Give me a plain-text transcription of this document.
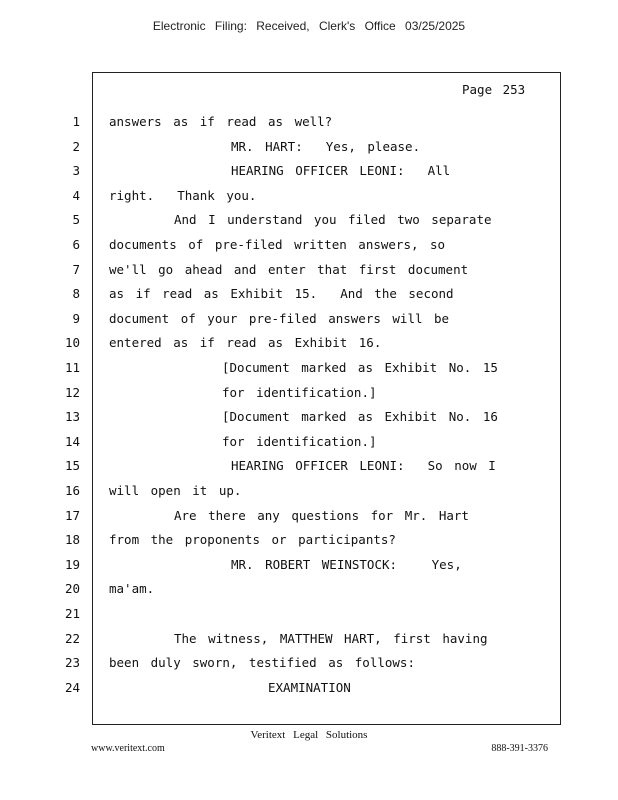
Electronic Filing: Received, Clerk's Office 03/25/2025
Page 253
1 answers as if read as well?
2	MR. HART:  Yes, please.
3	HEARING OFFICER LEONI:  All
4 right.  Thank you.
5	And I understand you filed two separate
6 documents of pre-filed written answers, so
7 we'll go ahead and enter that first document
8 as if read as Exhibit 15.  And the second
9 document of your pre-filed answers will be
10 entered as if read as Exhibit 16.
11	[Document marked as Exhibit No. 15
12	for identification.]
13	[Document marked as Exhibit No. 16
14	for identification.]
15	HEARING OFFICER LEONI:  So now I
16 will open it up.
17	Are there any questions for Mr. Hart
18 from the proponents or participants?
19	MR. ROBERT WEINSTOCK:   Yes,
20 ma'am.
21
22	The witness, MATTHEW HART, first having
23 been duly sworn, testified as follows:
24	EXAMINATION
Veritext Legal Solutions
www.veritext.com	888-391-3376
